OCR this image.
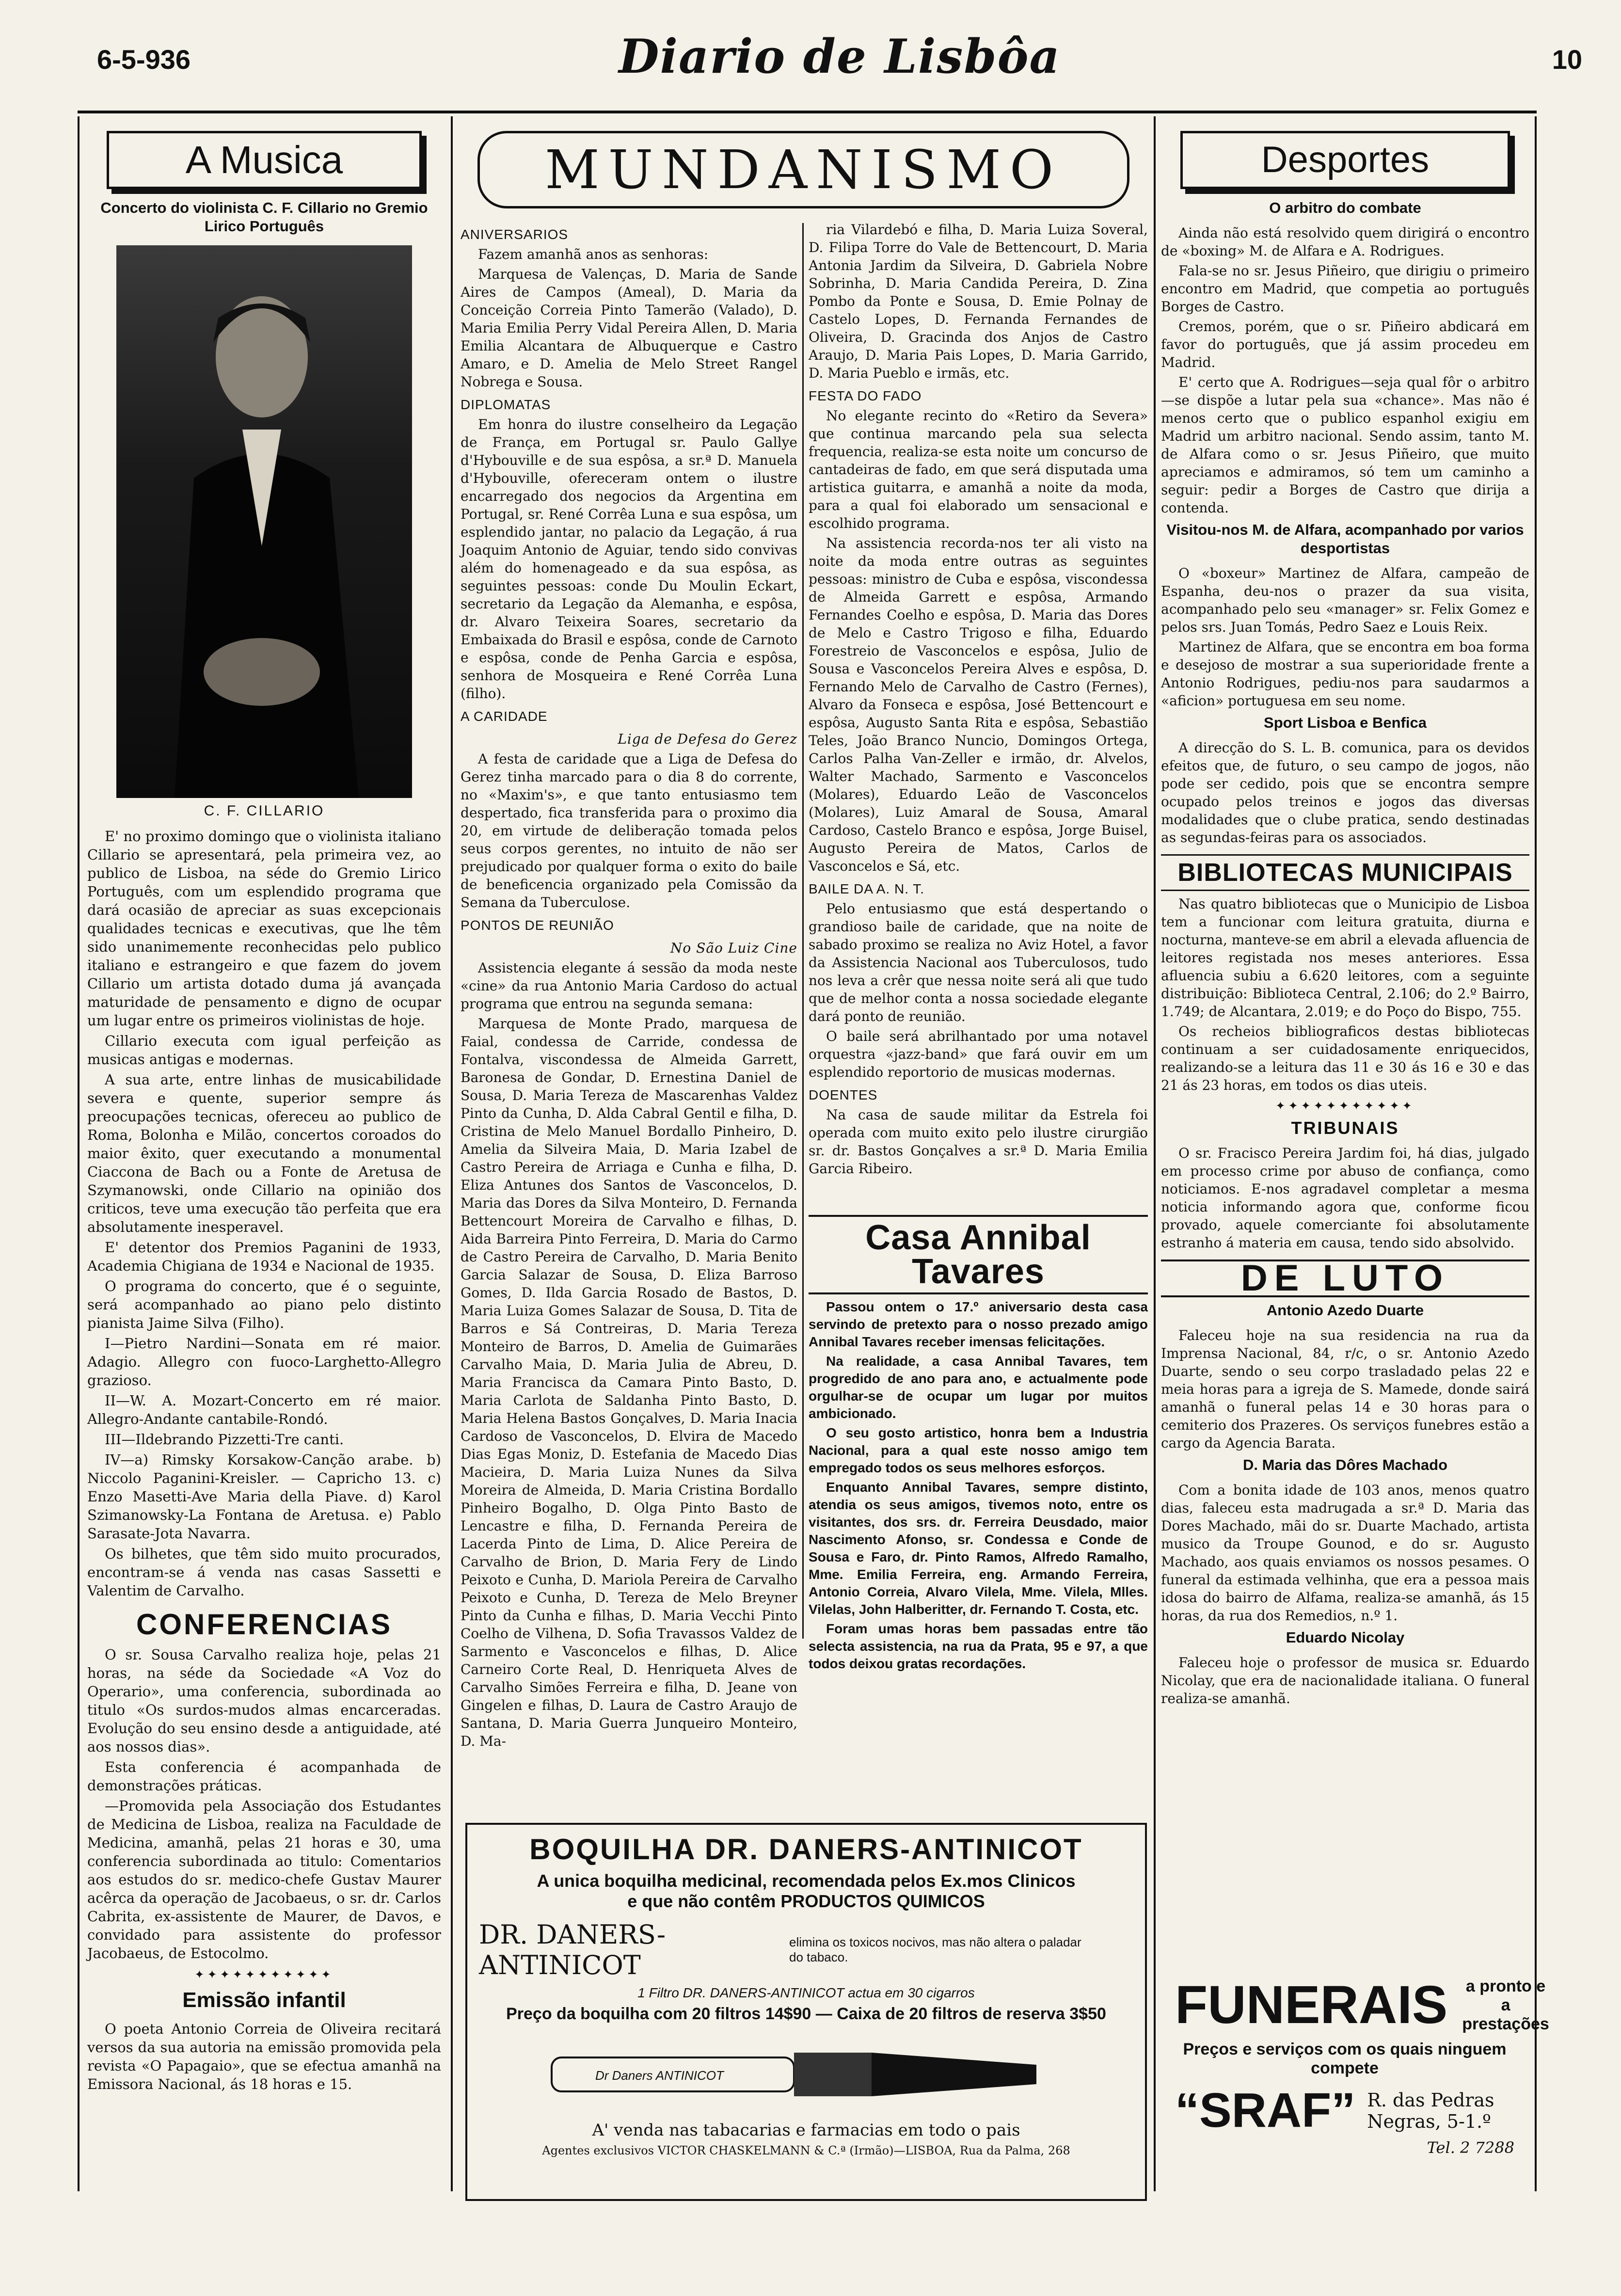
6-5-936	Diario de Lisbôa	10
A Musica
Concerto do violinista C. F. Cillario no Gremio Lirico Português
C. F. CILLARIO

E' no proximo domingo que o violinista italiano Cillario se apresentará, pela primeira vez, ao publico de Lisboa, na séde do Gremio Lirico Português, com um esplendido programa que dará ocasião de apreciar as suas excepcionais qualidades tecnicas e executivas, que lhe têm sido unanimemente reconhecidas pelo publico italiano e estrangeiro e que fazem do jovem Cillario um artista dotado duma já avançada maturidade de pensamento e digno de ocupar um lugar entre os primeiros violinistas de hoje.

Cillario executa com igual perfeição as musicas antigas e modernas.

A sua arte, entre linhas de musicabilidade severa e quente, superior sempre ás preocupações tecnicas, ofereceu ao publico de Roma, Bolonha e Milão, concertos coroados do maior êxito, quer executando a monumental Ciaccona de Bach ou a Fonte de Aretusa de Szymanowski, onde Cillario na opinião dos criticos, teve uma execução tão perfeita que era absolutamente inesperavel.

E' detentor dos Premios Paganini de 1933, Academia Chigiana de 1934 e Nacional de 1935.

O programa do concerto, que é o seguinte, será acompanhado ao piano pelo distinto pianista Jaime Silva (Filho).

I—Pietro Nardini—Sonata em ré maior. Adagio. Allegro con fuoco-Larghetto-Allegro grazioso.

II—W. A. Mozart-Concerto em ré maior. Allegro-Andante cantabile-Rondó.

III—Ildebrando Pizzetti-Tre canti.

IV—a) Rimsky Korsakow-Canção arabe. b) Niccolo Paganini-Kreisler. — Capricho 13. c) Enzo Masetti-Ave Maria della Piave. d) Karol Szimanowsky-La Fontana de Aretusa. e) Pablo Sarasate-Jota Navarra.

Os bilhetes, que têm sido muito procurados, encontram-se á venda nas casas Sassetti e Valentim de Carvalho.

CONFERENCIAS

O sr. Sousa Carvalho realiza hoje, pelas 21 horas, na séde da Sociedade «A Voz do Operario», uma conferencia, subordinada ao titulo «Os surdos-mudos almas encarceradas. Evolução do seu ensino desde a antiguidade, até aos nossos dias».

Esta conferencia é acompanhada de demonstrações práticas.

—Promovida pela Associação dos Estudantes de Medicina de Lisboa, realiza na Faculdade de Medicina, amanhã, pelas 21 horas e 30, uma conferencia subordinada ao titulo: Comentarios aos estudos do sr. medico-chefe Gustav Maurer acêrca da operação de Jacobaeus, o sr. dr. Carlos Cabrita, ex-assistente de Maurer, de Davos, e convidado para assistente do professor Jacobaeus, de Estocolmo.

✦✦✦✦✦✦✦✦✦✦✦
Emissão infantil

O poeta Antonio Correia de Oliveira recitará versos da sua autoria na emissão promovida pela revista «O Papagaio», que se efectua amanhã na Emissora Nacional, ás 18 horas e 15.

MUNDANISMO
ANIVERSARIOS

Fazem amanhã anos as senhoras:

Marquesa de Valenças, D. Maria de Sande Aires de Campos (Ameal), D. Maria da Conceição Correia Pinto Tamerão (Valado), D. Maria Emilia Perry Vidal Pereira Allen, D. Maria Emilia Alcantara de Albuquerque e Castro Amaro, e D. Amelia de Melo Street Rangel Nobrega e Sousa.

DIPLOMATAS

Em honra do ilustre conselheiro da Legação de França, em Portugal sr. Paulo Gallye d'Hybouville e de sua espôsa, a sr.ª D. Manuela d'Hybouville, ofereceram ontem o ilustre encarregado dos negocios da Argentina em Portugal, sr. René Corrêa Luna e sua espôsa, um esplendido jantar, no palacio da Legação, á rua Joaquim Antonio de Aguiar, tendo sido convivas além do homenageado e da sua espôsa, as seguintes pessoas: conde Du Moulin Eckart, secretario da Legação da Alemanha, e espôsa, dr. Alvaro Teixeira Soares, secretario da Embaixada do Brasil e espôsa, conde de Carnoto e espôsa, conde de Penha Garcia e espôsa, senhora de Mosqueira e René Corrêa Luna (filho).

A CARIDADE
Liga de Defesa do Gerez

A festa de caridade que a Liga de Defesa do Gerez tinha marcado para o dia 8 do corrente, no «Maxim's», e que tanto entusiasmo tem despertado, fica transferida para o proximo dia 20, em virtude de deliberação tomada pelos seus corpos gerentes, no intuito de não ser prejudicado por qualquer forma o exito do baile de beneficencia organizado pela Comissão da Semana da Tuberculose.

PONTOS DE REUNIÃO
No São Luiz Cine

Assistencia elegante á sessão da moda neste «cine» da rua Antonio Maria Cardoso do actual programa que entrou na segunda semana:

Marquesa de Monte Prado, marquesa de Faial, condessa de Carride, condessa de Fontalva, viscondessa de Almeida Garrett, Baronesa de Gondar, D. Ernestina Daniel de Sousa, D. Maria Tereza de Mascarenhas Valdez Pinto da Cunha, D. Alda Cabral Gentil e filha, D. Cristina de Melo Manuel Bordallo Pinheiro, D. Amelia da Silveira Maia, D. Maria Izabel de Castro Pereira de Arriaga e Cunha e filha, D. Eliza Antunes dos Santos de Vasconcelos, D. Maria das Dores da Silva Monteiro, D. Fernanda Bettencourt Moreira de Carvalho e filhas, D. Aida Barreira Pinto Ferreira, D. Maria do Carmo de Castro Pereira de Carvalho, D. Maria Benito Garcia Salazar de Sousa, D. Eliza Barroso Gomes, D. Ilda Garcia Rosado de Bastos, D. Maria Luiza Gomes Salazar de Sousa, D. Tita de Barros e Sá Contreiras, D. Maria Tereza Monteiro de Barros, D. Amelia de Guimarães Carvalho Maia, D. Maria Julia de Abreu, D. Maria Francisca da Camara Pinto Basto, D. Maria Carlota de Saldanha Pinto Basto, D. Maria Helena Bastos Gonçalves, D. Maria Inacia Cardoso de Vasconcelos, D. Elvira de Macedo Dias Egas Moniz, D. Estefania de Macedo Dias Macieira, D. Maria Luiza Nunes da Silva Moreira de Almeida, D. Maria Cristina Bordallo Pinheiro Bogalho, D. Olga Pinto Basto de Lencastre e filha, D. Fernanda Pereira de Lacerda Pinto de Lima, D. Alice Pereira de Carvalho de Brion, D. Maria Fery de Lindo Peixoto e Cunha, D. Mariola Pereira de Carvalho Peixoto e Cunha, D. Tereza de Melo Breyner Pinto da Cunha e filhas, D. Maria Vecchi Pinto Coelho de Vilhena, D. Sofia Travassos Valdez de Sarmento e Vasconcelos e filhas, D. Alice Carneiro Corte Real, D. Henriqueta Alves de Carvalho Simões Ferreira e filha, D. Jeane von Gingelen e filhas, D. Laura de Castro Araujo de Santana, D. Maria Guerra Junqueiro Monteiro, D. Ma-

ria Vilardebó e filha, D. Maria Luiza Soveral, D. Filipa Torre do Vale de Bettencourt, D. Maria Antonia Jardim da Silveira, D. Gabriela Nobre Sobrinha, D. Maria Candida Pereira, D. Zina Pombo da Ponte e Sousa, D. Emie Polnay de Castelo Lopes, D. Fernanda Fernandes de Oliveira, D. Gracinda dos Anjos de Castro Araujo, D. Maria Pais Lopes, D. Maria Garrido, D. Maria Pueblo e irmãs, etc.

FESTA DO FADO

No elegante recinto do «Retiro da Severa» que continua marcando pela sua selecta frequencia, realiza-se esta noite um concurso de cantadeiras de fado, em que será disputada uma artistica guitarra, e amanhã a noite da moda, para a qual foi elaborado um sensacional e escolhido programa.

Na assistencia recorda-nos ter ali visto na noite da moda entre outras as seguintes pessoas: ministro de Cuba e espôsa, viscondessa de Almeida Garrett e espôsa, Armando Fernandes Coelho e espôsa, D. Maria das Dores de Melo e Castro Trigoso e filha, Eduardo Forestreio de Vasconcelos e espôsa, Julio de Sousa e Vasconcelos Pereira Alves e espôsa, D. Fernando Melo de Carvalho de Castro (Fernes), Alvaro da Fonseca e espôsa, José Bettencourt e espôsa, Augusto Santa Rita e espôsa, Sebastião Teles, João Branco Nuncio, Domingos Ortega, Carlos Palha Van-Zeller e irmão, dr. Alvelos, Walter Machado, Sarmento e Vasconcelos (Molares), Eduardo Leão de Vasconcelos (Molares), Luiz Amaral de Sousa, Amaral Cardoso, Castelo Branco e espôsa, Jorge Buisel, Augusto Pereira de Matos, Carlos de Vasconcelos e Sá, etc.

BAILE DA A. N. T.

Pelo entusiasmo que está despertando o grandioso baile de caridade, que na noite de sabado proximo se realiza no Aviz Hotel, a favor da Assistencia Nacional aos Tuberculosos, tudo nos leva a crêr que nessa noite será ali que tudo que de melhor conta a nossa sociedade elegante dará ponto de reunião.

O baile será abrilhantado por uma notavel orquestra «jazz-band» que fará ouvir em um esplendido reportorio de musicas modernas.

DOENTES

Na casa de saude militar da Estrela foi operada com muito exito pelo ilustre cirurgião sr. dr. Bastos Gonçalves a sr.ª D. Maria Emilia Garcia Ribeiro.

Casa Annibal Tavares

Passou ontem o 17.º aniversario desta casa servindo de pretexto para o nosso prezado amigo Annibal Tavares receber imensas felicitações.

Na realidade, a casa Annibal Tavares, tem progredido de ano para ano, e actualmente pode orgulhar-se de ocupar um lugar por muitos ambicionado.

O seu gosto artistico, honra bem a Industria Nacional, para a qual este nosso amigo tem empregado todos os seus melhores esforços.

Enquanto Annibal Tavares, sempre distinto, atendia os seus amigos, tivemos noto, entre os visitantes, dos srs. dr. Ferreira Deusdado, maior Nascimento Afonso, sr. Condessa e Conde de Sousa e Faro, dr. Pinto Ramos, Alfredo Ramalho, Mme. Emilia Ferreira, eng. Armando Ferreira, Antonio Correia, Alvaro Vilela, Mme. Vilela, Mlles. Vilelas, John Halberitter, dr. Fernando T. Costa, etc.

Foram umas horas bem passadas entre tão selecta assistencia, na rua da Prata, 95 e 97, a que todos deixou gratas recordações.

BOQUILHA DR. DANERS-ANTINICOT
A unica boquilha medicinal, recomendada pelos Ex.mos Clinicos
e que não contêm PRODUCTOS QUIMICOS
DR. DANERS-ANTINICOT
elimina os toxicos nocivos, mas não altera o paladar do tabaco.
1 Filtro DR. DANERS-ANTINICOT actua em 30 cigarros
Preço da boquilha com 20 filtros 14$90 — Caixa de 20 filtros de reserva 3$50
Dr Daners ANTINICOT
A' venda nas tabacarias e farmacias em todo o pais
Agentes exclusivos VICTOR CHASKELMANN & C.ª (Irmão)—LISBOA, Rua da Palma, 268
Desportes
O arbitro do combate

Ainda não está resolvido quem dirigirá o encontro de «boxing» M. de Alfara e A. Rodrigues.

Fala-se no sr. Jesus Piñeiro, que dirigiu o primeiro encontro em Madrid, que competia ao português Borges de Castro.

Cremos, porém, que o sr. Piñeiro abdicará em favor do português, que já assim procedeu em Madrid.

E' certo que A. Rodrigues—seja qual fôr o arbitro—se dispõe a lutar pela sua «chance». Mas não é menos certo que o publico espanhol exigiu em Madrid um arbitro nacional. Sendo assim, tanto M. de Alfara como o sr. Jesus Piñeiro, que muito apreciamos e admiramos, só tem um caminho a seguir: pedir a Borges de Castro que dirija a contenda.

Visitou-nos M. de Alfara, acompanhado por varios desportistas

O «boxeur» Martinez de Alfara, campeão de Espanha, deu-nos o prazer da sua visita, acompanhado pelo seu «manager» sr. Felix Gomez e pelos srs. Juan Tomás, Pedro Saez e Louis Reix.

Martinez de Alfara, que se encontra em boa forma e desejoso de mostrar a sua superioridade frente a Antonio Rodrigues, pediu-nos para saudarmos a «aficion» portuguesa em seu nome.

Sport Lisboa e Benfica

A direcção do S. L. B. comunica, para os devidos efeitos que, de futuro, o seu campo de jogos, não pode ser cedido, pois que se encontra sempre ocupado pelos treinos e jogos das diversas modalidades que o clube pratica, sendo destinadas as segundas-feiras para os associados.

BIBLIOTECAS MUNICIPAIS

Nas quatro bibliotecas que o Municipio de Lisboa tem a funcionar com leitura gratuita, diurna e nocturna, manteve-se em abril a elevada afluencia de leitores registada nos meses anteriores. Essa afluencia subiu a 6.620 leitores, com a seguinte distribuição: Biblioteca Central, 2.106; do 2.º Bairro, 1.749; de Alcantara, 2.019; e do Poço do Bispo, 755.

Os recheios bibliograficos destas bibliotecas continuam a ser cuidadosamente enriquecidos, realizando-se a leitura das 11 e 30 ás 16 e 30 e das 21 ás 23 horas, em todos os dias uteis.

✦✦✦✦✦✦✦✦✦✦✦
TRIBUNAIS

O sr. Fracisco Pereira Jardim foi, há dias, julgado em processo crime por abuso de confiança, como noticiamos. E-nos agradavel completar a mesma noticia informando agora que, conforme ficou provado, aquele comerciante foi absolutamente estranho á materia em causa, tendo sido absolvido.

DE LUTO
Antonio Azedo Duarte

Faleceu hoje na sua residencia na rua da Imprensa Nacional, 84, r/c, o sr. Antonio Azedo Duarte, sendo o seu corpo trasladado pelas 22 e meia horas para a igreja de S. Mamede, donde sairá amanhã o funeral pelas 14 e 30 horas para o cemiterio dos Prazeres. Os serviços funebres estão a cargo da Agencia Barata.

D. Maria das Dôres Machado

Com a bonita idade de 103 anos, menos quatro dias, faleceu esta madrugada a sr.ª D. Maria das Dores Machado, mãi do sr. Duarte Machado, artista musico da Troupe Gounod, e do sr. Augusto Machado, aos quais enviamos os nossos pesames. O funeral da estimada velhinha, que era a pessoa mais idosa do bairro de Alfama, realiza-se amanhã, ás 15 horas, da rua dos Remedios, n.º 1.

Eduardo Nicolay

Faleceu hoje o professor de musica sr. Eduardo Nicolay, que era de nacionalidade italiana. O funeral realiza-se amanhã.

FUNERAIS a pronto e a prestações
Preços e serviços com os quais ninguem compete
“SRAF” R. das Pedras Negras, 5-1.º
Tel. 2 7288
